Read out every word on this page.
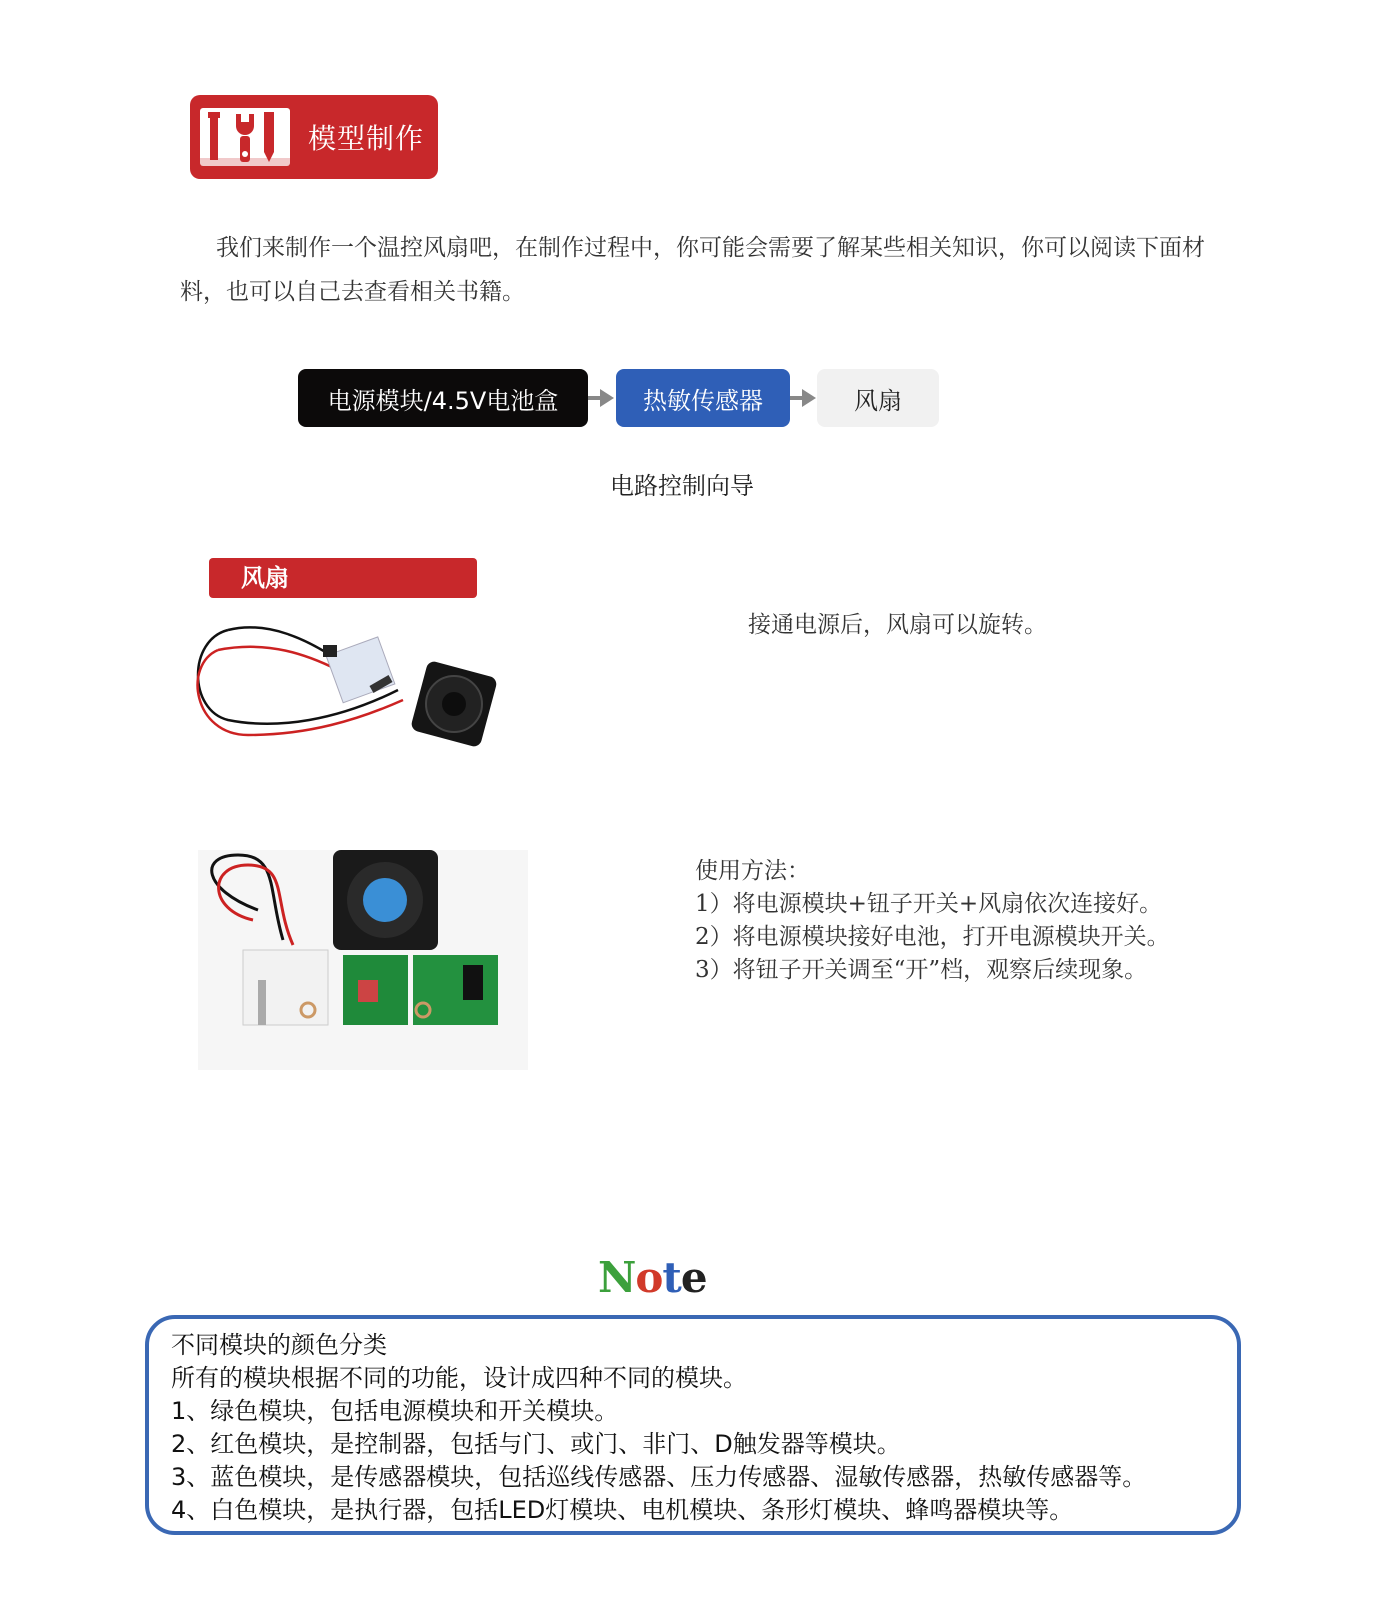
模型制作
我们来制作一个温控风扇吧，在制作过程中，你可能会需要了解某些相关知识，你可以阅读下面材料，也可以自己去查看相关书籍。
电源模块/4.5V电池盒	热敏传感器	风扇
电路控制向导
风扇
接通电源后，风扇可以旋转。
使用方法：
1）将电源模块+钮子开关+风扇依次连接好。
2）将电源模块接好电池，打开电源模块开关。
3）将钮子开关调至“开”档，观察后续现象。
Note
不同模块的颜色分类
所有的模块根据不同的功能，设计成四种不同的模块。
1、绿色模块，包括电源模块和开关模块。
2、红色模块，是控制器，包括与门、或门、非门、D触发器等模块。
3、蓝色模块，是传感器模块，包括巡线传感器、压力传感器、湿敏传感器，热敏传感器等。
4、白色模块，是执行器，包括LED灯模块、电机模块、条形灯模块、蜂鸣器模块等。
